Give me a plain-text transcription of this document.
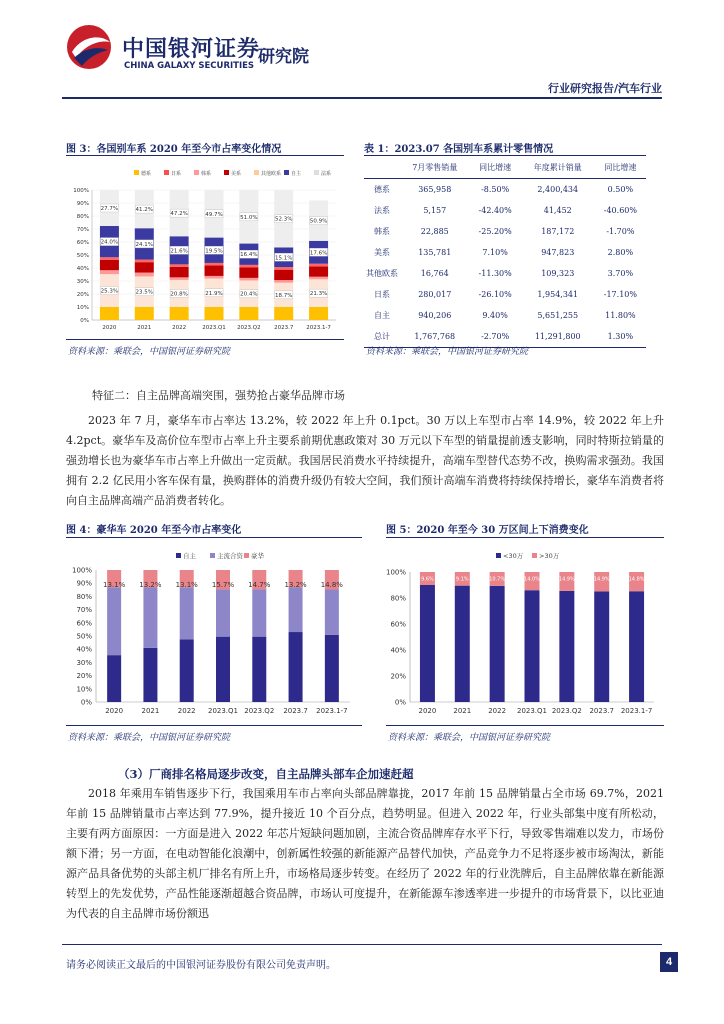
中国银河证券
CHINA GALAXY SECURITIES 研究院
行业研究报告/汽车行业
图 3：各国别车系 2020 年至今市占率变化情况
德系	日系	韩系	美系	其他欧系 自主	法系
0%
10%
20%
30%
40%
50%
60%
70%
80%
90%
100%
25.3%
24.0%
27.7%
2020
23.5%
24.1%
41.2%
2021
20.8%
21.6%
47.2%
2022
21.9%
19.5%
49.7%
2023.Q1
20.4%
16.4%
51.0%
2023.Q2
18.7%
15.1%
52.3%
2023.7
21.3%
17.6%
50.9%
2023.1-7
资料来源：乘联会，中国银河证券研究院
表 1：2023.07 各国别车系累计零售情况
	7月零售销量	同比增速	年度累计销量	同比增速
德系	365,958	-8.50%	2,400,434	0.50%
法系	5,157	-42.40%	41,452	-40.60%
韩系	22,885	-25.20%	187,172	-1.70%
美系	135,781	7.10%	947,823	2.80%
其他欧系	16,764	-11.30%	109,323	3.70%
日系	280,017	-26.10%	1,954,341	-17.10%
自主	940,206	9.40%	5,651,255	11.80%
总计	1,767,768	-2.70%	11,291,800	1.30%
资料来源：乘联会，中国银河证券研究院
特征二：自主品牌高端突围，强势抢占豪华品牌市场
2023 年 7 月，豪华车市占率达 13.2%，较 2022 年上升 0.1pct。30 万以上车型市占率 14.9%，较 2022 年上升 4.2pct。豪华车及高价位车型市占率上升主要系前期优惠政策对 30 万元以下车型的销量提前透支影响，同时特斯拉销量的强劲增长也为豪华车市占率上升做出一定贡献。我国居民消费水平持续提升，高端车型替代态势不改，换购需求强劲。我国拥有 2.2 亿民用小客车保有量，换购群体的消费升级仍有较大空间，我们预计高端车消费将持续保持增长，豪华车消费者将向自主品牌高端产品消费者转化。
图 4：豪华车 2020 年至今市占率变化
自主	主流合资 豪华
0%
10%
20%
30%
40%
50%
60%
70%
80%
90%
100%
13.1%
2020
13.2%
2021
13.1%
2022
15.7%
2023.Q1
14.7%
2023.Q2
13.2%
2023.7
14.8%
2023.1-7
资料来源：乘联会，中国银河证券研究院
图 5：2020 年至今 30 万区间上下消费变化
<30万 >30万
0%
20%
40%
60%
80%
100%
9.6%
2020
9.1%
2021
10.7%
2022
14.0%
2023.Q1
14.9%
2023.Q2
14.9%
2023.7
14.8%
2023.1-7
资料来源：乘联会，中国银河证券研究院
（3）厂商排名格局逐步改变，自主品牌头部车企加速赶超
2018 年乘用车销售逐步下行，我国乘用车市占率向头部品牌靠拢，2017 年前 15 品牌销量占全市场 69.7%，2021 年前 15 品牌销量市占率达到 77.9%，提升接近 10 个百分点，趋势明显。但进入 2022 年，行业头部集中度有所松动，主要有两方面原因：一方面是进入 2022 年芯片短缺问题加剧，主流合资品牌库存水平下行，导致零售端难以发力，市场份额下滑；另一方面，在电动智能化浪潮中，创新属性较强的新能源产品替代加快，产品竞争力不足将逐步被市场淘汰，新能源产品具备优势的头部主机厂排名有所上升，市场格局逐步转变。在经历了 2022 年的行业洗牌后，自主品牌依靠在新能源转型上的先发优势，产品性能逐渐超越合资品牌，市场认可度提升，在新能源车渗透率进一步提升的市场背景下，以比亚迪为代表的自主品牌市场份额迅
请务必阅读正文最后的中国银河证券股份有限公司免责声明。	4
